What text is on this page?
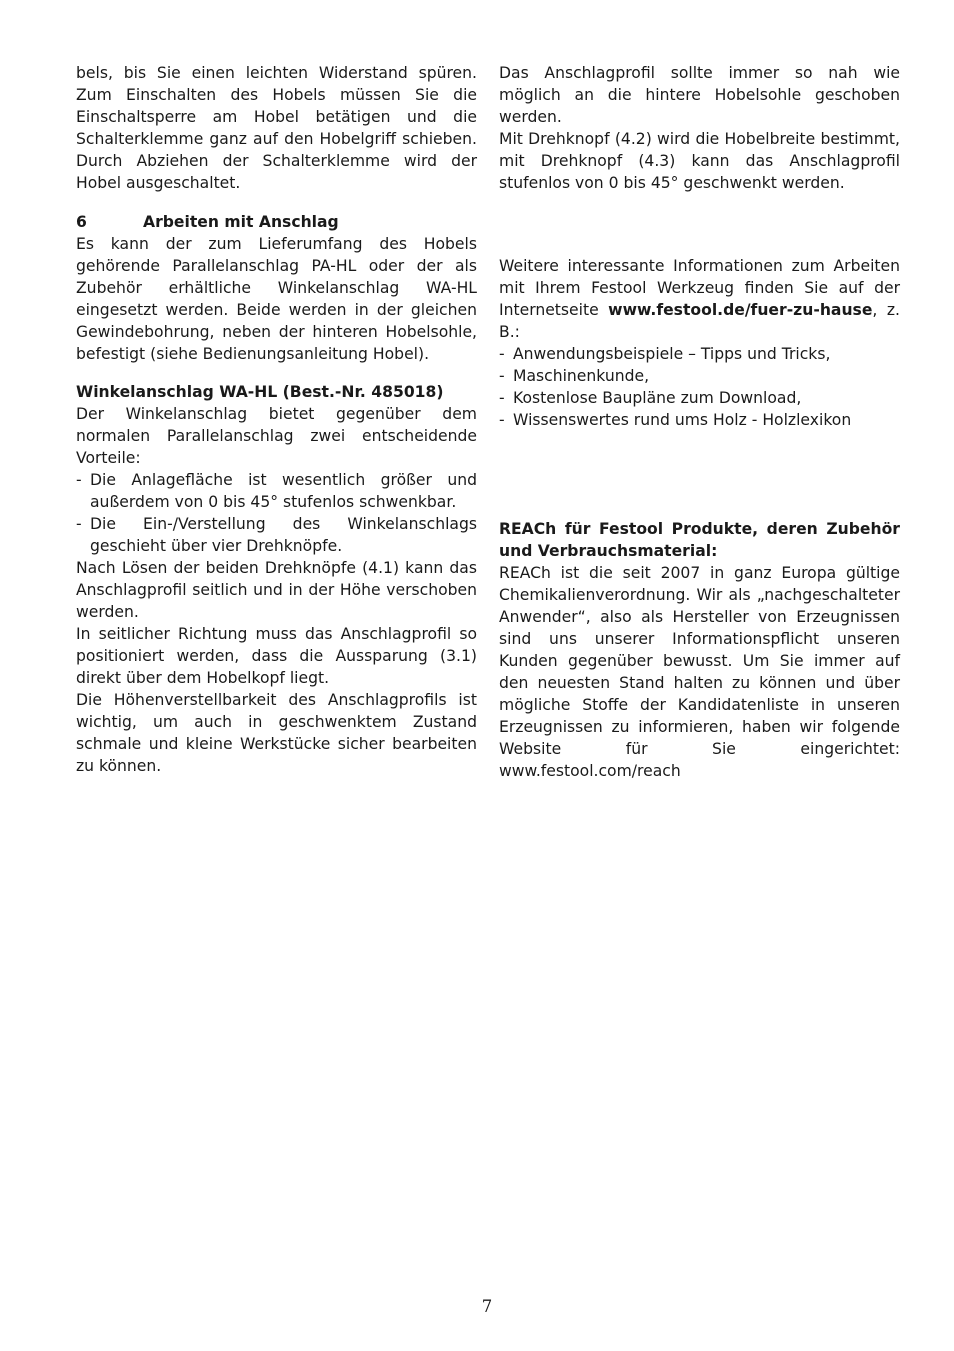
bels, bis Sie einen leichten Widerstand spüren. Zum Einschalten des Hobels müssen Sie die Einschaltsperre am Hobel betätigen und die Schalterklemme ganz auf den Hobelgriff schieben. Durch Abziehen der Schalterklemme wird der Hobel ausgeschaltet.

6	Arbeiten mit Anschlag

Es kann der zum Lieferumfang des Hobels gehörende Parallelanschlag PA-HL oder der als Zubehör erhältliche Winkelanschlag WA-HL eingesetzt werden. Beide werden in der gleichen Gewindebohrung, neben der hinteren Hobelsohle, befestigt (siehe Bedienungsanleitung Hobel).

Winkelanschlag WA-HL (Best.-Nr. 485018)

Der Winkelanschlag bietet gegenüber dem normalen Parallelanschlag zwei entscheidende Vorteile:

- Die Anlagefläche ist wesentlich größer und außerdem von 0 bis 45° stufenlos schwenkbar.
- Die Ein-/Verstellung des Winkelanschlags geschieht über vier Drehknöpfe.

Nach Lösen der beiden Drehknöpfe (4.1) kann das Anschlagprofil seitlich und in der Höhe verschoben werden.

In seitlicher Richtung muss das Anschlagprofil so positioniert werden, dass die Aussparung (3.1) direkt über dem Hobelkopf liegt.

Die Höhenverstellbarkeit des Anschlagprofils ist wichtig, um auch in geschwenktem Zustand schmale und kleine Werkstücke sicher bearbeiten zu können.

Das Anschlagprofil sollte immer so nah wie möglich an die hintere Hobelsohle geschoben werden.

Mit Drehknopf (4.2) wird die Hobelbreite bestimmt, mit Drehknopf (4.3) kann das Anschlagprofil stufenlos von 0 bis 45° geschwenkt werden.

Weitere interessante Informationen zum Arbeiten mit Ihrem Festool Werkzeug finden Sie auf der Internetseite www.festool.de/fuer-zu-hause, z. B.:

- Anwendungsbeispiele – Tipps und Tricks,
- Maschinenkunde,
- Kostenlose Baupläne zum Download,
- Wissenswertes rund ums Holz - Holzlexikon

REACh für Festool Produkte, deren Zubehör und Verbrauchsmaterial:

REACh ist die seit 2007 in ganz Europa gültige Chemikalienverordnung. Wir als „nachgeschalteter Anwender“, also als Hersteller von Erzeugnissen sind uns unserer Informationspflicht unseren Kunden gegenüber bewusst. Um Sie immer auf den neuesten Stand halten zu können und über mögliche Stoffe der Kandidatenliste in unseren Erzeugnissen zu informieren, haben wir folgende Website für Sie eingerichtet: www.festool.com/reach

7
